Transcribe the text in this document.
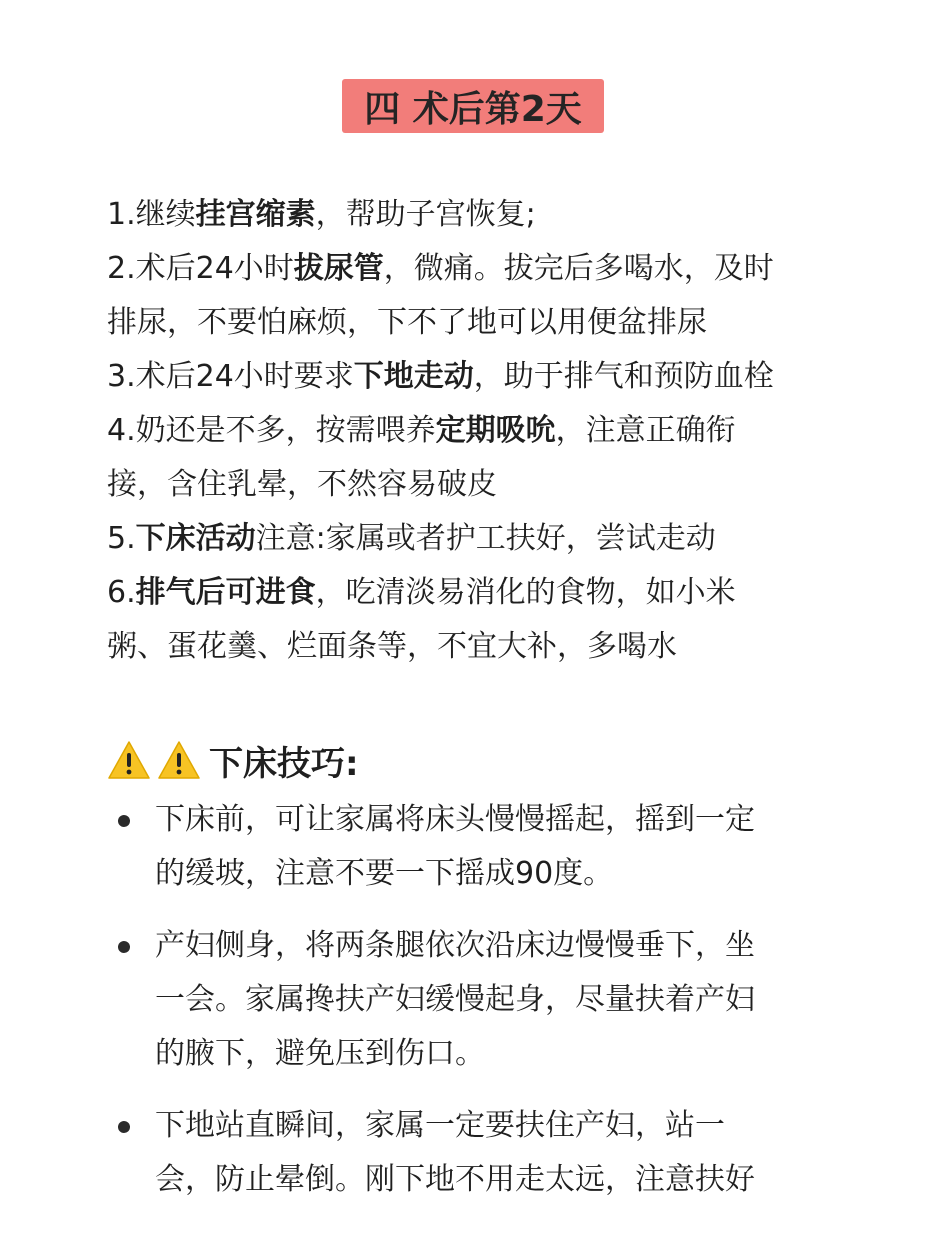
四 术后第2天
1.继续挂宫缩素，帮助子宫恢复;
2.术后24小时拔尿管，微痛。拔完后多喝水，及时
排尿，不要怕麻烦，下不了地可以用便盆排尿
3.术后24小时要求下地走动，助于排气和预防血栓
4.奶还是不多，按需喂养定期吸吮，注意正确衔
接，含住乳晕，不然容易破皮
5.下床活动注意:家属或者护工扶好，尝试走动
6.排气后可进食，吃清淡易消化的食物，如小米
粥、蛋花羹、烂面条等，不宜大补，多喝水
下床技巧:
下床前，可让家属将床头慢慢摇起，摇到一定
的缓坡，注意不要一下摇成90度。
产妇侧身，将两条腿依次沿床边慢慢垂下，坐
一会。家属搀扶产妇缓慢起身，尽量扶着产妇
的腋下，避免压到伤口。
下地站直瞬间，家属一定要扶住产妇，站一
会，防止晕倒。刚下地不用走太远，注意扶好
